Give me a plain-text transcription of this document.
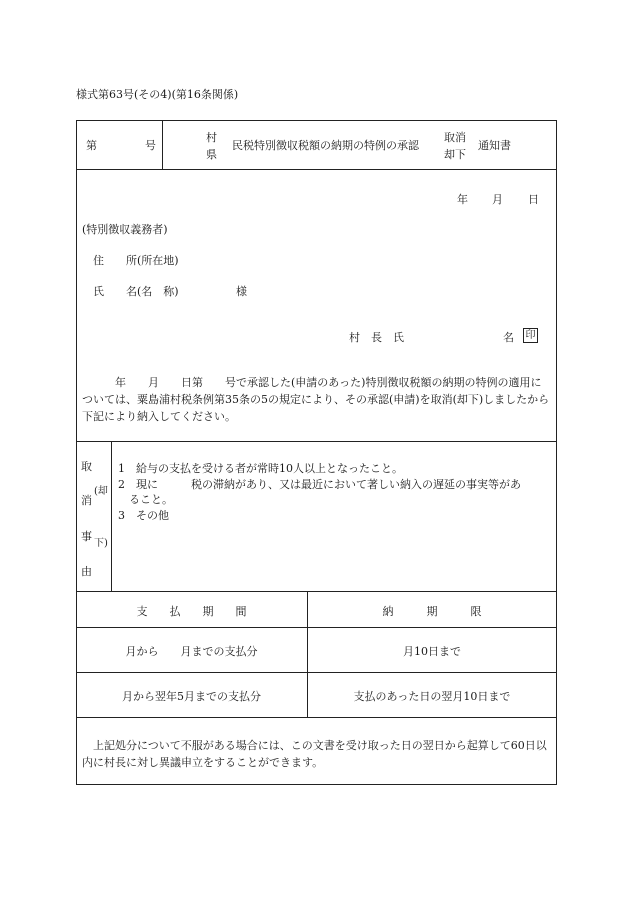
様式第63号(その4)(第16条関係)
第	号
村
県
民税特別徴収税額の納期の特例の承認
取消
却下
通知書
年 月 日
(特別徴収義務者)
住　　所(所在地)
氏　　名(名　称)	様
村　長　氏	名 印
　　　年　　月　　日第　　号で承認した(申請のあった)特別徴収税額の納期の特例の適用については、粟島浦村税条例第35条の5の規定により、その承認(申請)を取消(却下)しましたから下記により納入してください。
取
消
事
由
(却
下)
1　給与の支払を受ける者が常時10人以上となったこと。
2　現に　　　税の滞納があり、又は最近において著しい納入の遅延の事実等があ
　ること。
3　その他
支　　払　　期　　間	納　　　期　　　限
月から　　月までの支払分	月10日まで
月から翌年5月までの支払分	支払のあった日の翌月10日まで
　上記処分について不服がある場合には、この文書を受け取った日の翌日から起算して60日以内に村長に対し異議申立をすることができます。
